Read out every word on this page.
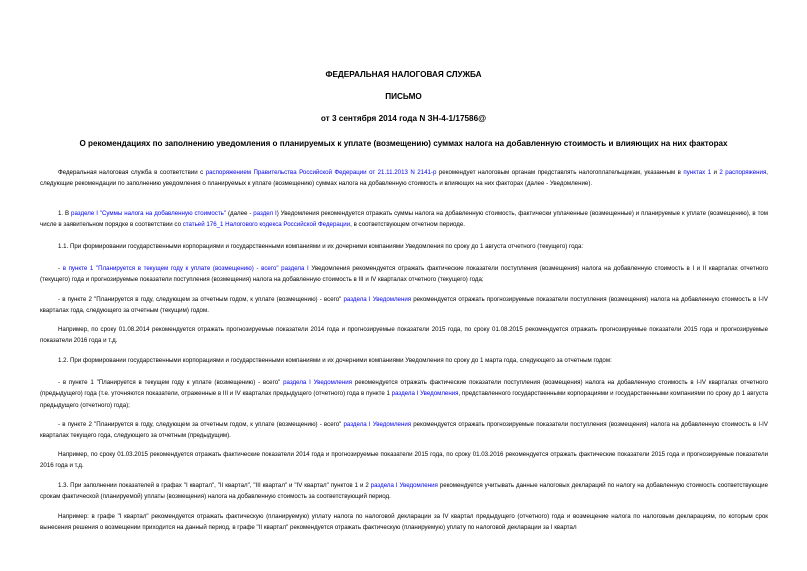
ФЕДЕРАЛЬНАЯ НАЛОГОВАЯ СЛУЖБА
ПИСЬМО
от 3 сентября 2014 года N ЗН-4-1/17586@
О рекомендациях по заполнению уведомления о планируемых к уплате (возмещению) суммах налога на добавленную стоимость и влияющих на них факторах

Федеральная налоговая служба в соответствии с распоряжением Правительства Российской Федерации от 21.11.2013 N 2141-р рекомендует налоговым органам представлять налогоплательщикам, указанным в пунктах 1 и 2 распоряжения, следующие рекомендации по заполнению уведомления о планируемых к уплате (возмещению) суммах налога на добавленную стоимость и влияющих на них факторах (далее - Уведомление).

1. В разделе I "Суммы налога на добавленную стоимость" (далее - раздел I) Уведомления рекомендуется отражать суммы налога на добавленную стоимость, фактически уплаченные (возмещенные) и планируемые к уплате (возмещению), в том числе в заявительном порядке в соответствии со статьей 176_1 Налогового кодекса Российской Федерации, в соответствующем отчетном периоде.

1.1. При формировании государственными корпорациями и государственными компаниями и их дочерними компаниями Уведомления по сроку до 1 августа отчетного (текущего) года:

- в пункте 1 "Планируется в текущем году к уплате (возмещению) - всего" раздела I Уведомления рекомендуется отражать фактические показатели поступления (возмещения) налога на добавленную стоимость в I и II кварталах отчетного (текущего) года и прогнозируемые показатели поступления (возмещения) налога на добавленную стоимость в III и IV кварталах отчетного (текущего) года;

- в пункте 2 "Планируется в году, следующем за отчетным годом, к уплате (возмещению) - всего" раздела I Уведомления рекомендуется отражать прогнозируемые показатели поступления (возмещения) налога на добавленную стоимость в I-IV кварталах года, следующего за отчетным (текущим) годом.

Например, по сроку 01.08.2014 рекомендуется отражать прогнозируемые показатели 2014 года и прогнозируемые показатели 2015 года, по сроку 01.08.2015 рекомендуется отражать прогнозируемые показатели 2015 года и прогнозируемые показатели 2016 года и т.д.

1.2. При формировании государственными корпорациями и государственными компаниями и их дочерними компаниями Уведомления по сроку до 1 марта года, следующего за отчетным годом:

- в пункте 1 "Планируется в текущем году к уплате (возмещению) - всего" раздела I Уведомления рекомендуется отражать фактические показатели поступления (возмещения) налога на добавленную стоимость в I-IV кварталах отчетного (предыдущего) года (т.е. уточняются показатели, отраженные в III и IV кварталах предыдущего (отчетного) года в пункте 1 раздела I Уведомления, представленного государственными корпорациями и государственными компаниями по сроку до 1 августа предыдущего (отчетного) года);

- в пункте 2 "Планируется в году, следующем за отчетным годом, к уплате (возмещению) - всего" раздела I Уведомления рекомендуется отражать прогнозируемые показатели поступления (возмещения) налога на добавленную стоимость в I-IV кварталах текущего года, следующего за отчетным (предыдущим).

Например, по сроку 01.03.2015 рекомендуется отражать фактические показатели 2014 года и прогнозируемые показатели 2015 года, по сроку 01.03.2016 рекомендуется отражать фактические показатели 2015 года и прогнозируемые показатели 2016 года и т.д.

1.3. При заполнении показателей в графах "I квартал", "II квартал", "III квартал" и "IV квартал" пунктов 1 и 2 раздела I Уведомления рекомендуется учитывать данные налоговых деклараций по налогу на добавленную стоимость соответствующие срокам фактической (планируемой) уплаты (возмещения) налога на добавленную стоимость за соответствующий период.

Например: в графе "I квартал" рекомендуется отражать фактическую (планируемую) уплату налога по налоговой декларации за IV квартал предыдущего (отчетного) года и возмещение налога по налоговым декларациям, по которым срок вынесения решения о возмещении приходится на данный период, в графе "II квартал" рекомендуется отражать фактическую (планируемую) уплату по налоговой декларации за I квартал
